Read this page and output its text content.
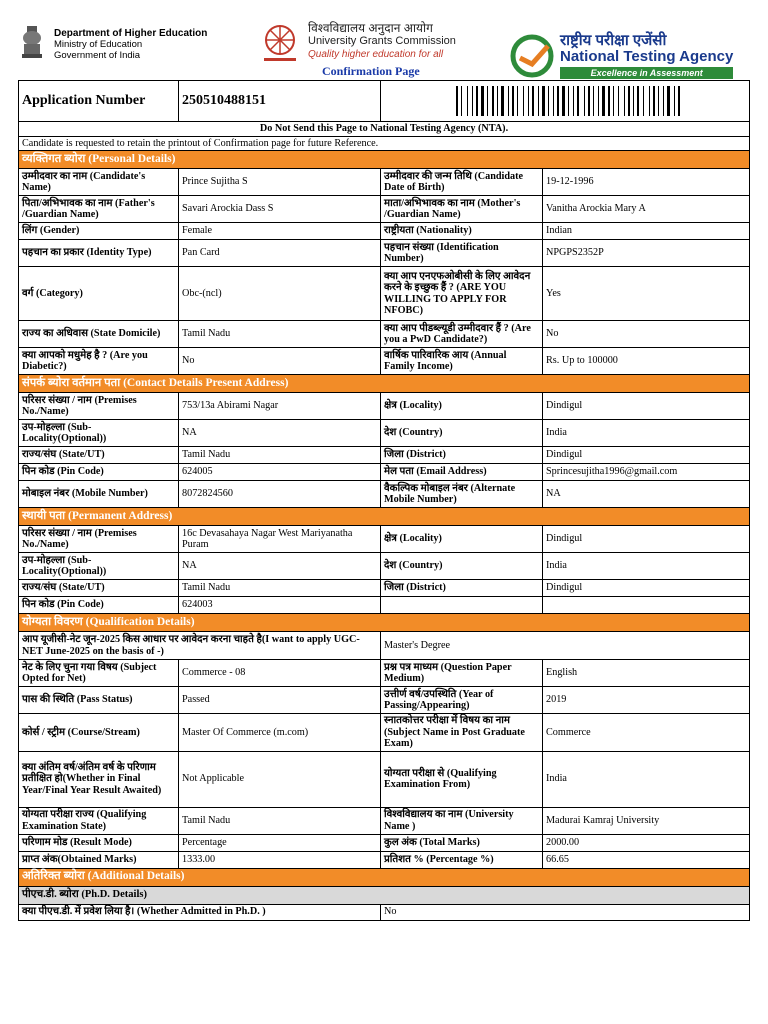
Department of Higher Education
Ministry of Education
Government of India
विश्वविद्यालय अनुदान आयोग
University Grants Commission
Quality higher education for all
Confirmation Page
राष्ट्रीय परीक्षा एजेंसी
National Testing Agency
Excellence in Assessment
Application Number	250510488151		

Do Not Send this Page to National Testing Agency (NTA).			
Candidate is requested to retain the printout of Confirmation page for future Reference.			
व्यक्तिगत ब्योरा (Personal Details)			
उम्मीदवार का नाम (Candidate's Name)	Prince Sujitha S	उम्मीदवार की जन्म तिथि (Candidate Date of Birth)	19-12-1996
पिता/अभिभावक का नाम (Father's /Guardian Name)	Savari Arockia Dass S	माता/अभिभावक का नाम (Mother's /Guardian Name)	Vanitha Arockia Mary A
लिंग (Gender)	Female	राष्ट्रीयता (Nationality)	Indian
पहचान का प्रकार (Identity Type)	Pan Card	पहचान संख्या (Identification Number)	NPGPS2352P
वर्ग (Category)	Obc-(ncl)	क्या आप एनएफओबीसी के लिए आवेदन करने के इच्छुक हैं ? (ARE YOU WILLING TO APPLY FOR NFOBC)	Yes
राज्य का अधिवास (State Domicile)	Tamil Nadu	क्या आप पीडब्ल्यूडी उम्मीदवार हैं ? (Are you a PwD Candidate?)	No
क्या आपको मधुमेह है ? (Are you Diabetic?)	No	वार्षिक पारिवारिक आय (Annual Family Income)	Rs. Up to 100000
संपर्क ब्योरा वर्तमान पता (Contact Details Present Address)			
परिसर संख्या / नाम (Premises No./Name)	753/13a Abirami Nagar	क्षेत्र (Locality)	Dindigul
उप-मोहल्ला (Sub-Locality(Optional))	NA	देश (Country)	India
राज्य/संघ (State/UT)	Tamil Nadu	जिला (District)	Dindigul
पिन कोड (Pin Code)	624005	मेल पता (Email Address)	Sprincesujitha1996@gmail.com
मोबाइल नंबर (Mobile Number)	8072824560	वैकल्पिक मोबाइल नंबर (Alternate Mobile Number)	NA
स्थायी पता (Permanent Address)			
परिसर संख्या / नाम (Premises No./Name)	16c Devasahaya Nagar West Mariyanatha Puram	क्षेत्र (Locality)	Dindigul
उप-मोहल्ला (Sub-Locality(Optional))	NA	देश (Country)	India
राज्य/संघ (State/UT)	Tamil Nadu	जिला (District)	Dindigul
पिन कोड (Pin Code)	624003		
योग्यता विवरण (Qualification Details)			
आप यूजीसी-नेट जून-2025 किस आधार पर आवेदन करना चाहते है(I want to apply UGC-NET June-2025 on the basis of -)		Master's Degree	
नेट के लिए चुना गया विषय (Subject Opted for Net)	Commerce - 08	प्रश्न पत्र माध्यम (Question Paper Medium)	English
पास की स्थिति (Pass Status)	Passed	उत्तीर्ण वर्ष/उपस्थिति (Year of Passing/Appearing)	2019
कोर्स / स्ट्रीम (Course/Stream)	Master Of Commerce (m.com)	स्नातकोत्तर परीक्षा में विषय का नाम (Subject Name in Post Graduate Exam)	Commerce
क्या अंतिम वर्ष/अंतिम वर्ष के परिणाम प्रतीक्षित हो(Whether in Final Year/Final Year Result Awaited)	Not Applicable	योग्यता परीक्षा से (Qualifying Examination From)	India
योग्यता परीक्षा राज्य (Qualifying Examination State)	Tamil Nadu	विश्वविद्यालय का नाम (University Name )	Madurai Kamraj University
परिणाम मोड (Result Mode)	Percentage	कुल अंक (Total Marks)	2000.00
प्राप्त अंक(Obtained Marks)	1333.00	प्रतिशत % (Percentage %)	66.65
अतिरिक्त ब्योरा (Additional Details)			
पीएच.डी. ब्योरा (Ph.D. Details)			
क्या पीएच.डी. में प्रवेश लिया है। (Whether Admitted in Ph.D. )		No	
